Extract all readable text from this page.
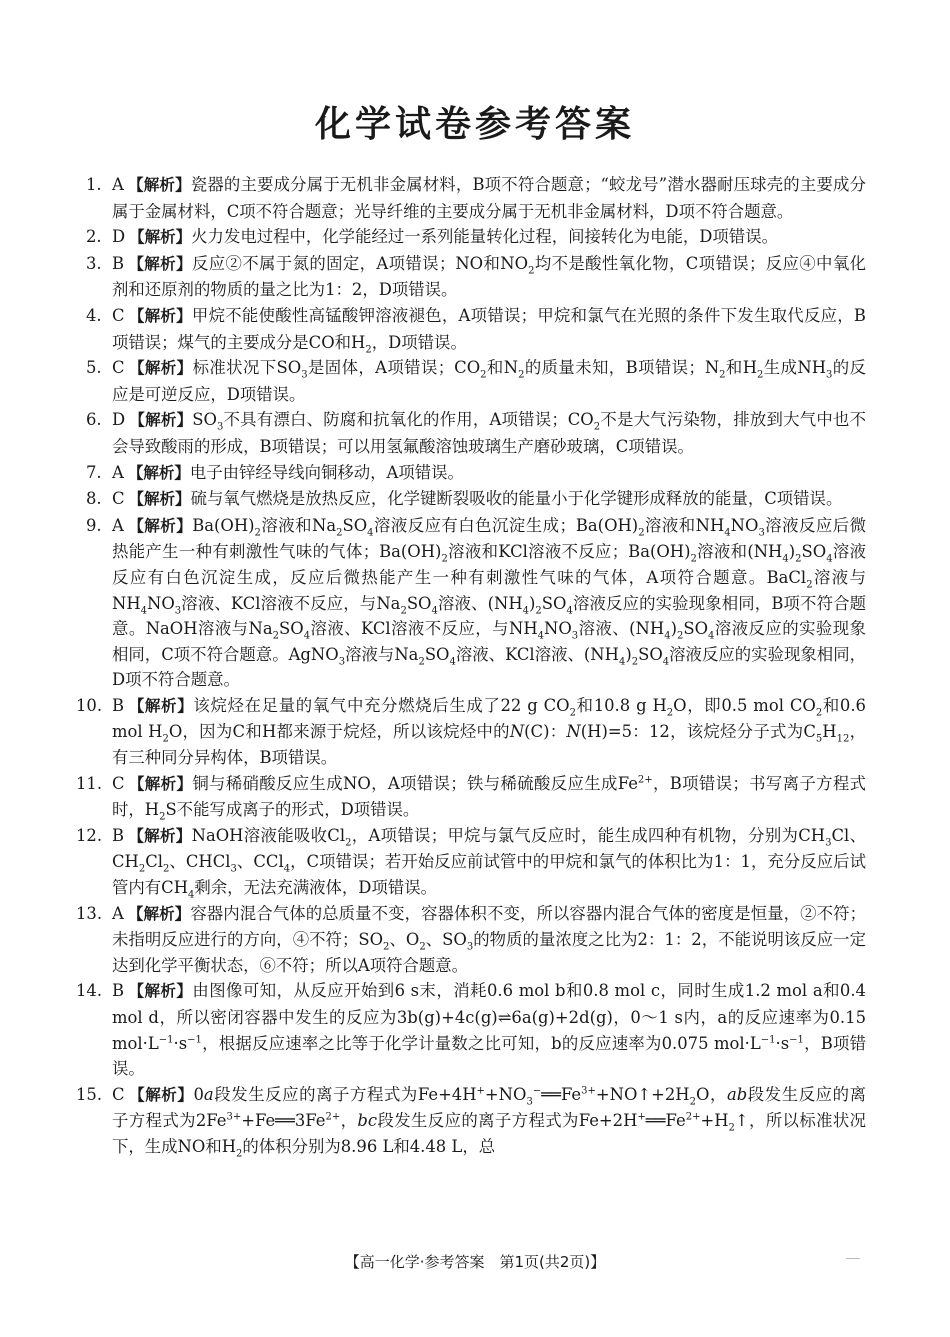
化学试卷参考答案
1. A 【解析】瓷器的主要成分属于无机非金属材料，B项不符合题意；“蛟龙号”潜水器耐压球壳的主要成分属于金属材料，C项不符合题意；光导纤维的主要成分属于无机非金属材料，D项不符合题意。
2. D 【解析】火力发电过程中，化学能经过一系列能量转化过程，间接转化为电能，D项错误。
3. B 【解析】反应②不属于氮的固定，A项错误；NO和$NO_2$均不是酸性氧化物，C项错误；反应④中氧化剂和还原剂的物质的量之比为1：2，D项错误。
4. C 【解析】甲烷不能使酸性高锰酸钾溶液褪色，A项错误；甲烷和氯气在光照的条件下发生取代反应，B项错误；煤气的主要成分是CO和$H_2$，D项错误。
5. C 【解析】标准状况下$SO_3$是固体，A项错误；$CO_2$和$N_2$的质量未知，B项错误；$N_2$和$H_2$生成$NH_3$的反应是可逆反应，D项错误。
6. D 【解析】$SO_3$不具有漂白、防腐和抗氧化的作用，A项错误；$CO_2$不是大气污染物，排放到大气中也不会导致酸雨的形成，B项错误；可以用氢氟酸溶蚀玻璃生产磨砂玻璃，C项错误。
7. A 【解析】电子由锌经导线向铜移动，A项错误。
8. C 【解析】硫与氧气燃烧是放热反应，化学键断裂吸收的能量小于化学键形成释放的能量，C项错误。
9. A 【解析】$Ba(OH)_2$溶液和$Na_2SO_4$溶液反应有白色沉淀生成；$Ba(OH)_2$溶液和$NH_4NO_3$溶液反应后微热能产生一种有刺激性气味的气体；$Ba(OH)_2$溶液和KCl溶液不反应；$Ba(OH)_2$溶液和$(NH_4)_2SO_4$溶液反应有白色沉淀生成，反应后微热能产生一种有刺激性气味的气体，A项符合题意。BaCl$_2$溶液与$NH_4NO_3$溶液、KCl溶液不反应，与$Na_2SO_4$溶液、$(NH_4)_2SO_4$溶液反应的实验现象相同，B项不符合题意。NaOH溶液与$Na_2SO_4$溶液、KCl溶液不反应，与$NH_4NO_3$溶液、$(NH_4)_2SO_4$溶液反应的实验现象相同，C项不符合题意。AgNO$_3$溶液与$Na_2SO_4$溶液、KCl溶液、$(NH_4)_2SO_4$溶液反应的实验现象相同，D项不符合题意。
10. B 【解析】该烷烃在足量的氧气中充分燃烧后生成了22 g $CO_2$和10.8 g $H_2O$，即0.5 mol $CO_2$和0.6 mol $H_2O$，因为C和H都来源于烷烃，所以该烷烃中的N(C)：N(H)=5：12，该烷烃分子式为$C_5H_{12}$，有三种同分异构体，B项错误。
11. C 【解析】铜与稀硝酸反应生成NO，A项错误；铁与稀硫酸反应生成$Fe^{2+}$，B项错误；书写离子方程式时，$H_2S$不能写成离子的形式，D项错误。
12. B 【解析】NaOH溶液能吸收$Cl_2$，A项错误；甲烷与氯气反应时，能生成四种有机物，分别为$CH_3Cl$、$CH_2Cl_2$、CHCl$_3$、CCl$_4$，C项错误；若开始反应前试管中的甲烷和氯气的体积比为1：1，充分反应后试管内有$CH_4$剩余，无法充满液体，D项错误。
13. A 【解析】容器内混合气体的总质量不变，容器体积不变，所以容器内混合气体的密度是恒量，②不符；未指明反应进行的方向，④不符；$SO_2$、$O_2$、$SO_3$的物质的量浓度之比为2：1：2，不能说明该反应一定达到化学平衡状态，⑥不符；所以A项符合题意。
14. B 【解析】由图像可知，从反应开始到6 s末，消耗0.6 mol b和0.8 mol c，同时生成1.2 mol a和0.4 mol d，所以密闭容器中发生的反应为3b(g)+4c(g)⇌6a(g)+2d(g)，0～1 s内，a的反应速率为0.15 $mol\cdot L^{-1}\cdot s^{-1}$，根据反应速率之比等于化学计量数之比可知，b的反应速率为0.075 $mol\cdot L^{-1}\cdot s^{-1}$，B项错误。
15. C 【解析】0a段发生反应的离子方程式为$Fe+4H^++NO_3^-══Fe^{3+}+NO↑+2H_2O$，ab段发生反应的离子方程式为$2Fe^{3+}+Fe══3Fe^{2+}$，bc段发生反应的离子方程式为$Fe+2H^+══Fe^{2+}+H_2↑$，所以标准状况下，生成NO和$H_2$的体积分别为8.96 L和4.48 L，总
【高一化学·参考答案　第1页(共2页)】
